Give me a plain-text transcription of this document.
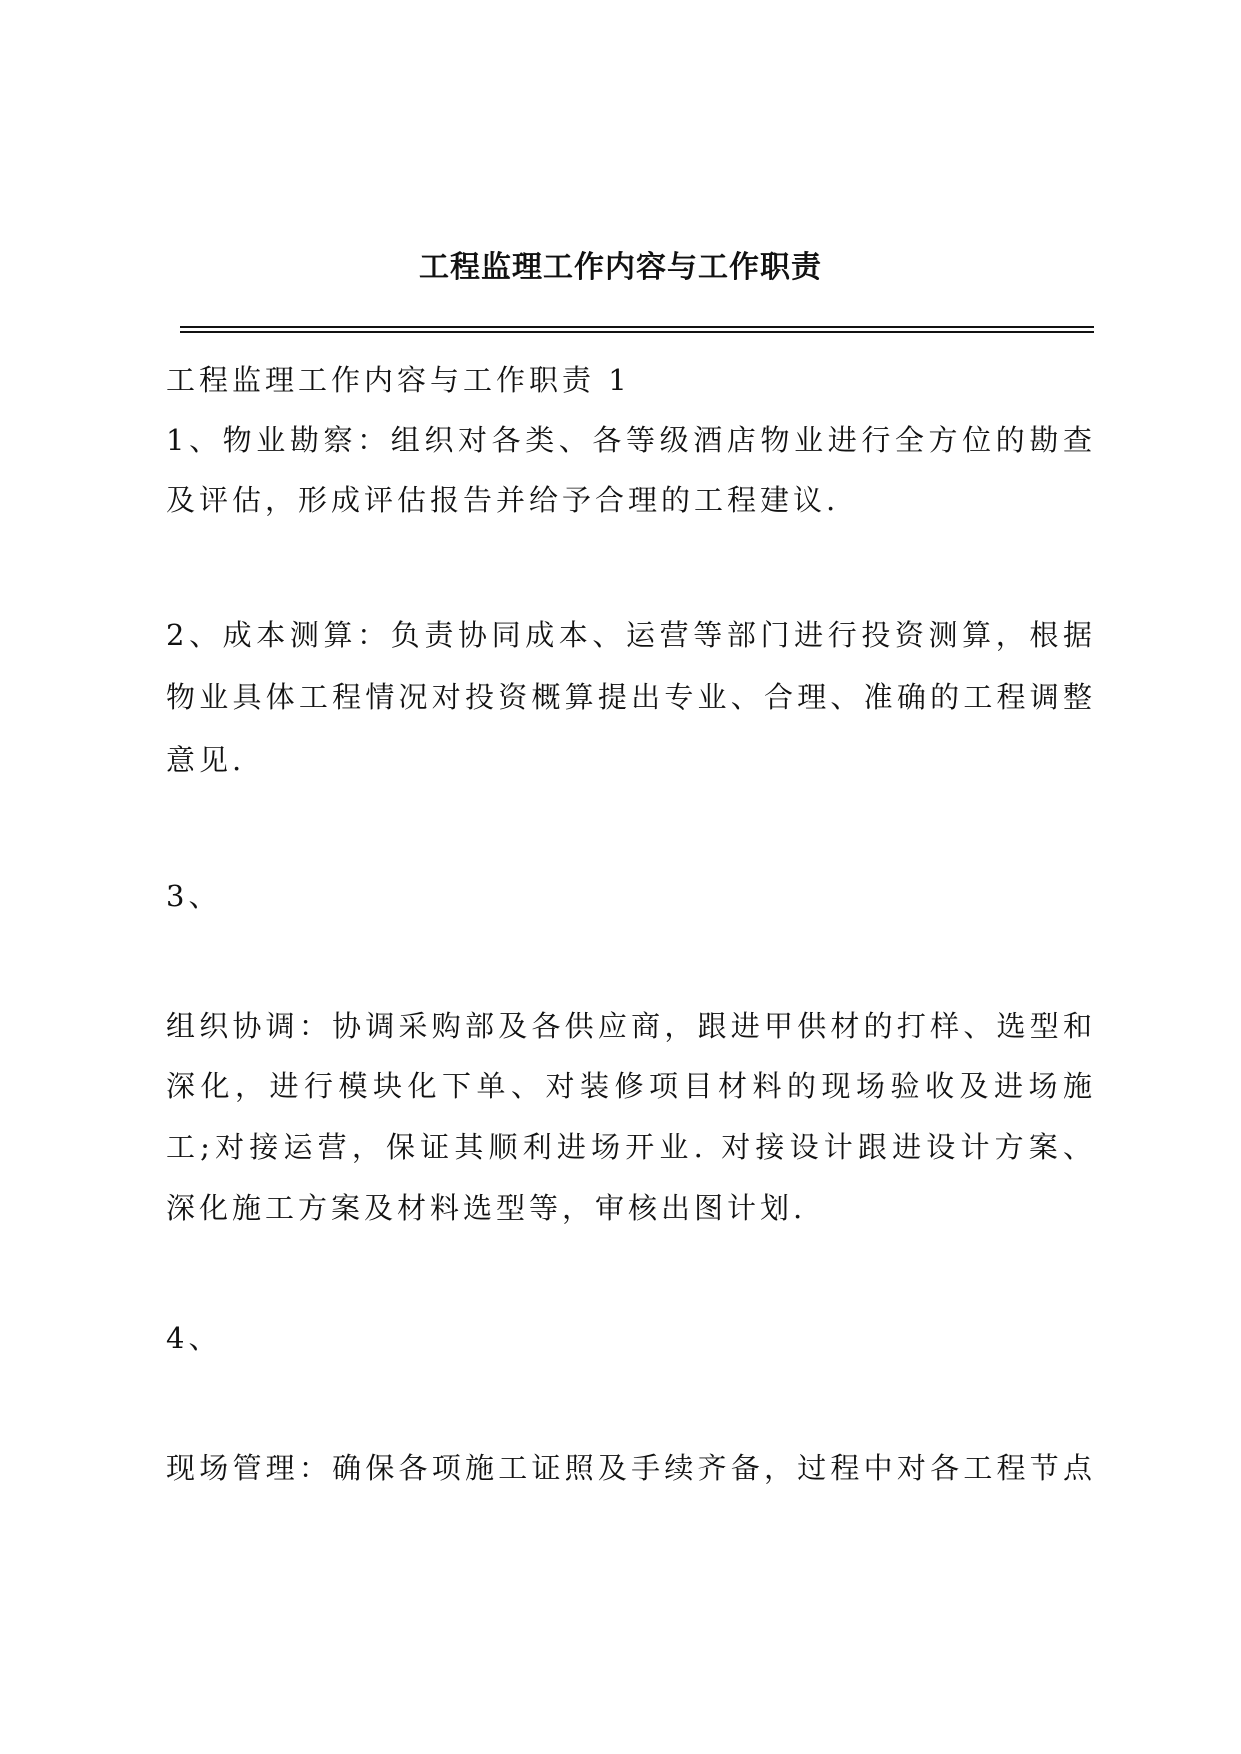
工程监理工作内容与工作职责
工程监理工作内容与工作职责 1
1、物业勘察：组织对各类、各等级酒店物业进行全方位的勘查
及评估，形成评估报告并给予合理的工程建议.
2、成本测算：负责协同成本、运营等部门进行投资测算，根据
物业具体工程情况对投资概算提出专业、合理、准确的工程调整
意见.
3、
组织协调：协调采购部及各供应商，跟进甲供材的打样、选型和
深化，进行模块化下单、对装修项目材料的现场验收及进场施
工;对接运营，保证其顺利进场开业. 对接设计跟进设计方案、
深化施工方案及材料选型等，审核出图计划.
4、
现场管理：确保各项施工证照及手续齐备，过程中对各工程节点
